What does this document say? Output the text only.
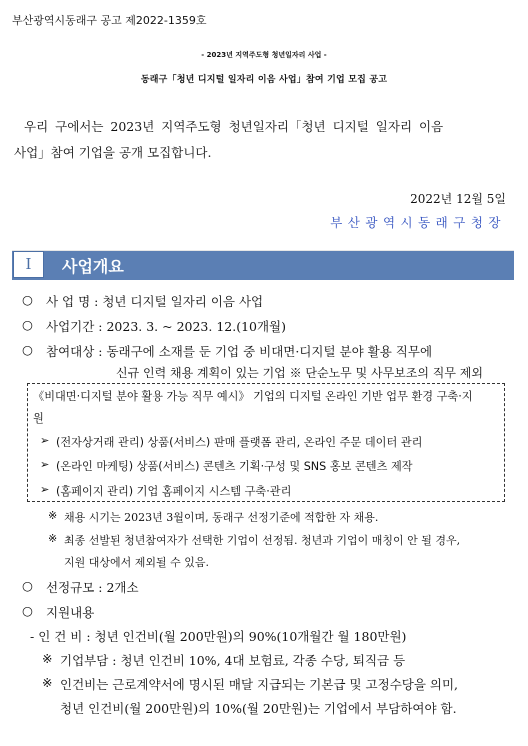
부산광역시동래구 공고 제2022-1359호
- 2023년 지역주도형 청년일자리 사업 -
동래구「청년 디지털 일자리 이음 사업」참여 기업 모집 공고
우리 구에서는 2023년 지역주도형 청년일자리「청년 디지털 일자리 이음
사업」참여 기업을 공개 모집합니다.
2022년 12월 5일
부산광역시동래구청장
Ⅰ	사업개요
○ 사 업 명 : 청년 디지털 일자리 이음 사업
○ 사업기간 : 2023. 3. ~ 2023. 12.(10개월)
○ 참여대상 : 동래구에 소재를 둔 기업 중 비대면·디지털 분야 활용 직무에
신규 인력 채용 계획이 있는 기업 ※ 단순노무 및 사무보조의 직무 제외
《비대면·디지털 분야 활용 가능 직무 예시》 기업의 디지털 온라인 기반 업무 환경 구축·지
원
➢ (전자상거래 관리) 상품(서비스) 판매 플랫폼 관리, 온라인 주문 데이터 관리
➢ (온라인 마케팅) 상품(서비스) 콘텐츠 기획·구성 및 SNS 홍보 콘텐츠 제작
➢ (홈페이지 관리) 기업 홈페이지 시스템 구축·관리
※ 채용 시기는 2023년 3월이며, 동래구 선정기준에 적합한 자 채용.
※ 최종 선발된 청년참여자가 선택한 기업이 선정됨. 청년과 기업이 매칭이 안 될 경우,
지원 대상에서 제외될 수 있음.
○ 선정규모 : 2개소
○ 지원내용
- 인 건 비 : 청년 인건비(월 200만원)의 90%(10개월간 월 180만원)
※ 기업부담 : 청년 인건비 10%, 4대 보험료, 각종 수당, 퇴직금 등
※ 인건비는 근로계약서에 명시된 매달 지급되는 기본급 및 고정수당을 의미,
청년 인건비(월 200만원)의 10%(월 20만원)는 기업에서 부담하여야 함.
